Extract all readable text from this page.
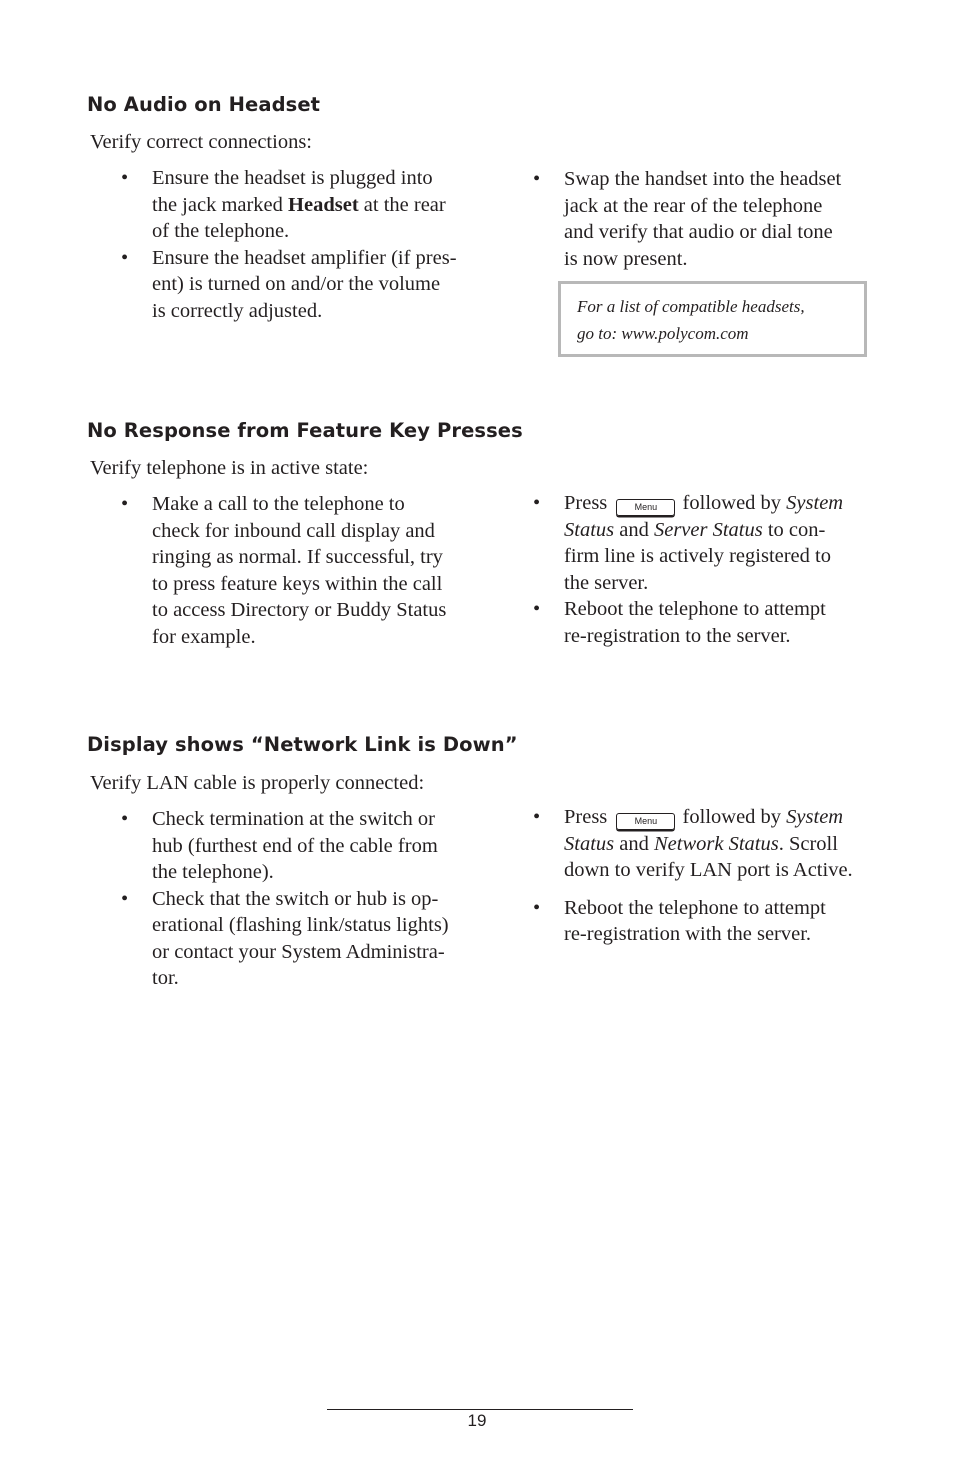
No Audio on Headset

Verify correct connections:

•	Ensure the headset is plugged into
the jack marked Headset at the rear
of the telephone.
•	Ensure the headset amplifier (if pres-
ent) is turned on and/or the volume
is correctly adjusted.
•	Swap the handset into the headset
jack at the rear of the telephone
and verify that audio or dial tone
is now present.

For a list of compatible headsets,
go to: www.polycom.com

No Response from Feature Key Presses

Verify telephone is in active state:

•	Make a call to the telephone to
check for inbound call display and
ringing as normal. If successful, try
to press feature keys within the call
to access Directory or Buddy Status
for example.
•	Press Menu followed by System
Status and Server Status to con-
firm line is actively registered to
the server.
•	Reboot the telephone to attempt
re-registration to the server.
Display shows “Network Link is Down”

Verify LAN cable is properly connected:

•	Check termination at the switch or
hub (furthest end of the cable from
the telephone).
•	Check that the switch or hub is op-
erational (flashing link/status lights)
or contact your System Administra-
tor.
•	Press Menu followed by System
Status and Network Status. Scroll
down to verify LAN port is Active.
•	Reboot the telephone to attempt
re-registration with the server.
19
